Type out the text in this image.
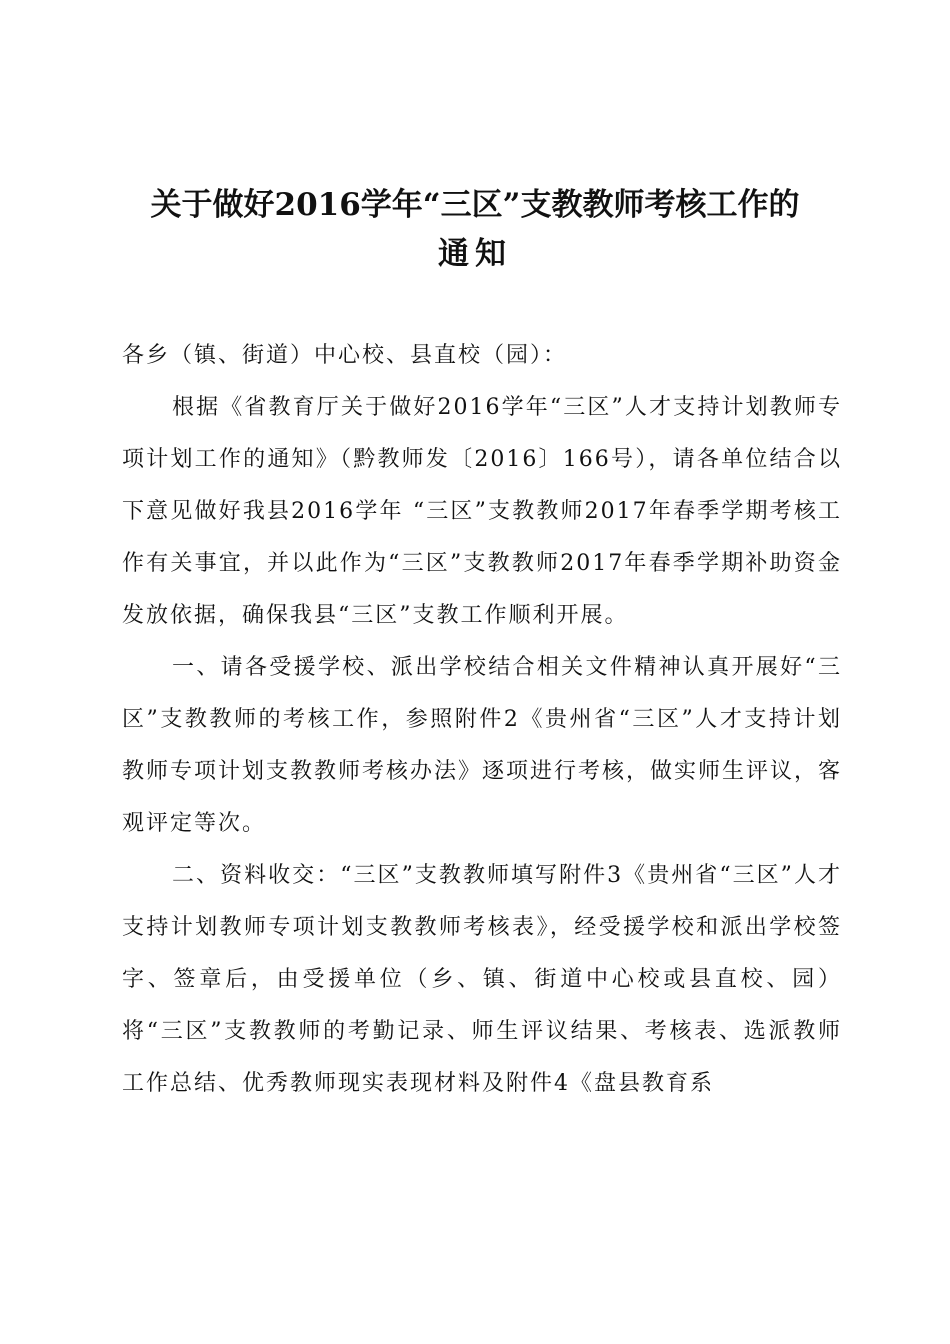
关于做好2016学年“三区”支教教师考核工作的
通知

各乡（镇、街道）中心校、县直校（园）：

根据《省教育厅关于做好2016学年“三区”人才支持计划教师专项计划工作的通知》（黔教师发〔2016〕166号），请各单位结合以下意见做好我县2016学年 “三区”支教教师2017年春季学期考核工作有关事宜，并以此作为“三区”支教教师2017年春季学期补助资金发放依据，确保我县“三区”支教工作顺利开展。

一、请各受援学校、派出学校结合相关文件精神认真开展好“三区”支教教师的考核工作，参照附件2《贵州省“三区”人才支持计划教师专项计划支教教师考核办法》逐项进行考核，做实师生评议，客观评定等次。

二、资料收交：“三区”支教教师填写附件3《贵州省“三区”人才支持计划教师专项计划支教教师考核表》，经受援学校和派出学校签字、签章后，由受援单位（乡、镇、街道中心校或县直校、园）将“三区”支教教师的考勤记录、师生评议结果、考核表、选派教师工作总结、优秀教师现实表现材料及附件4《盘县教育系
